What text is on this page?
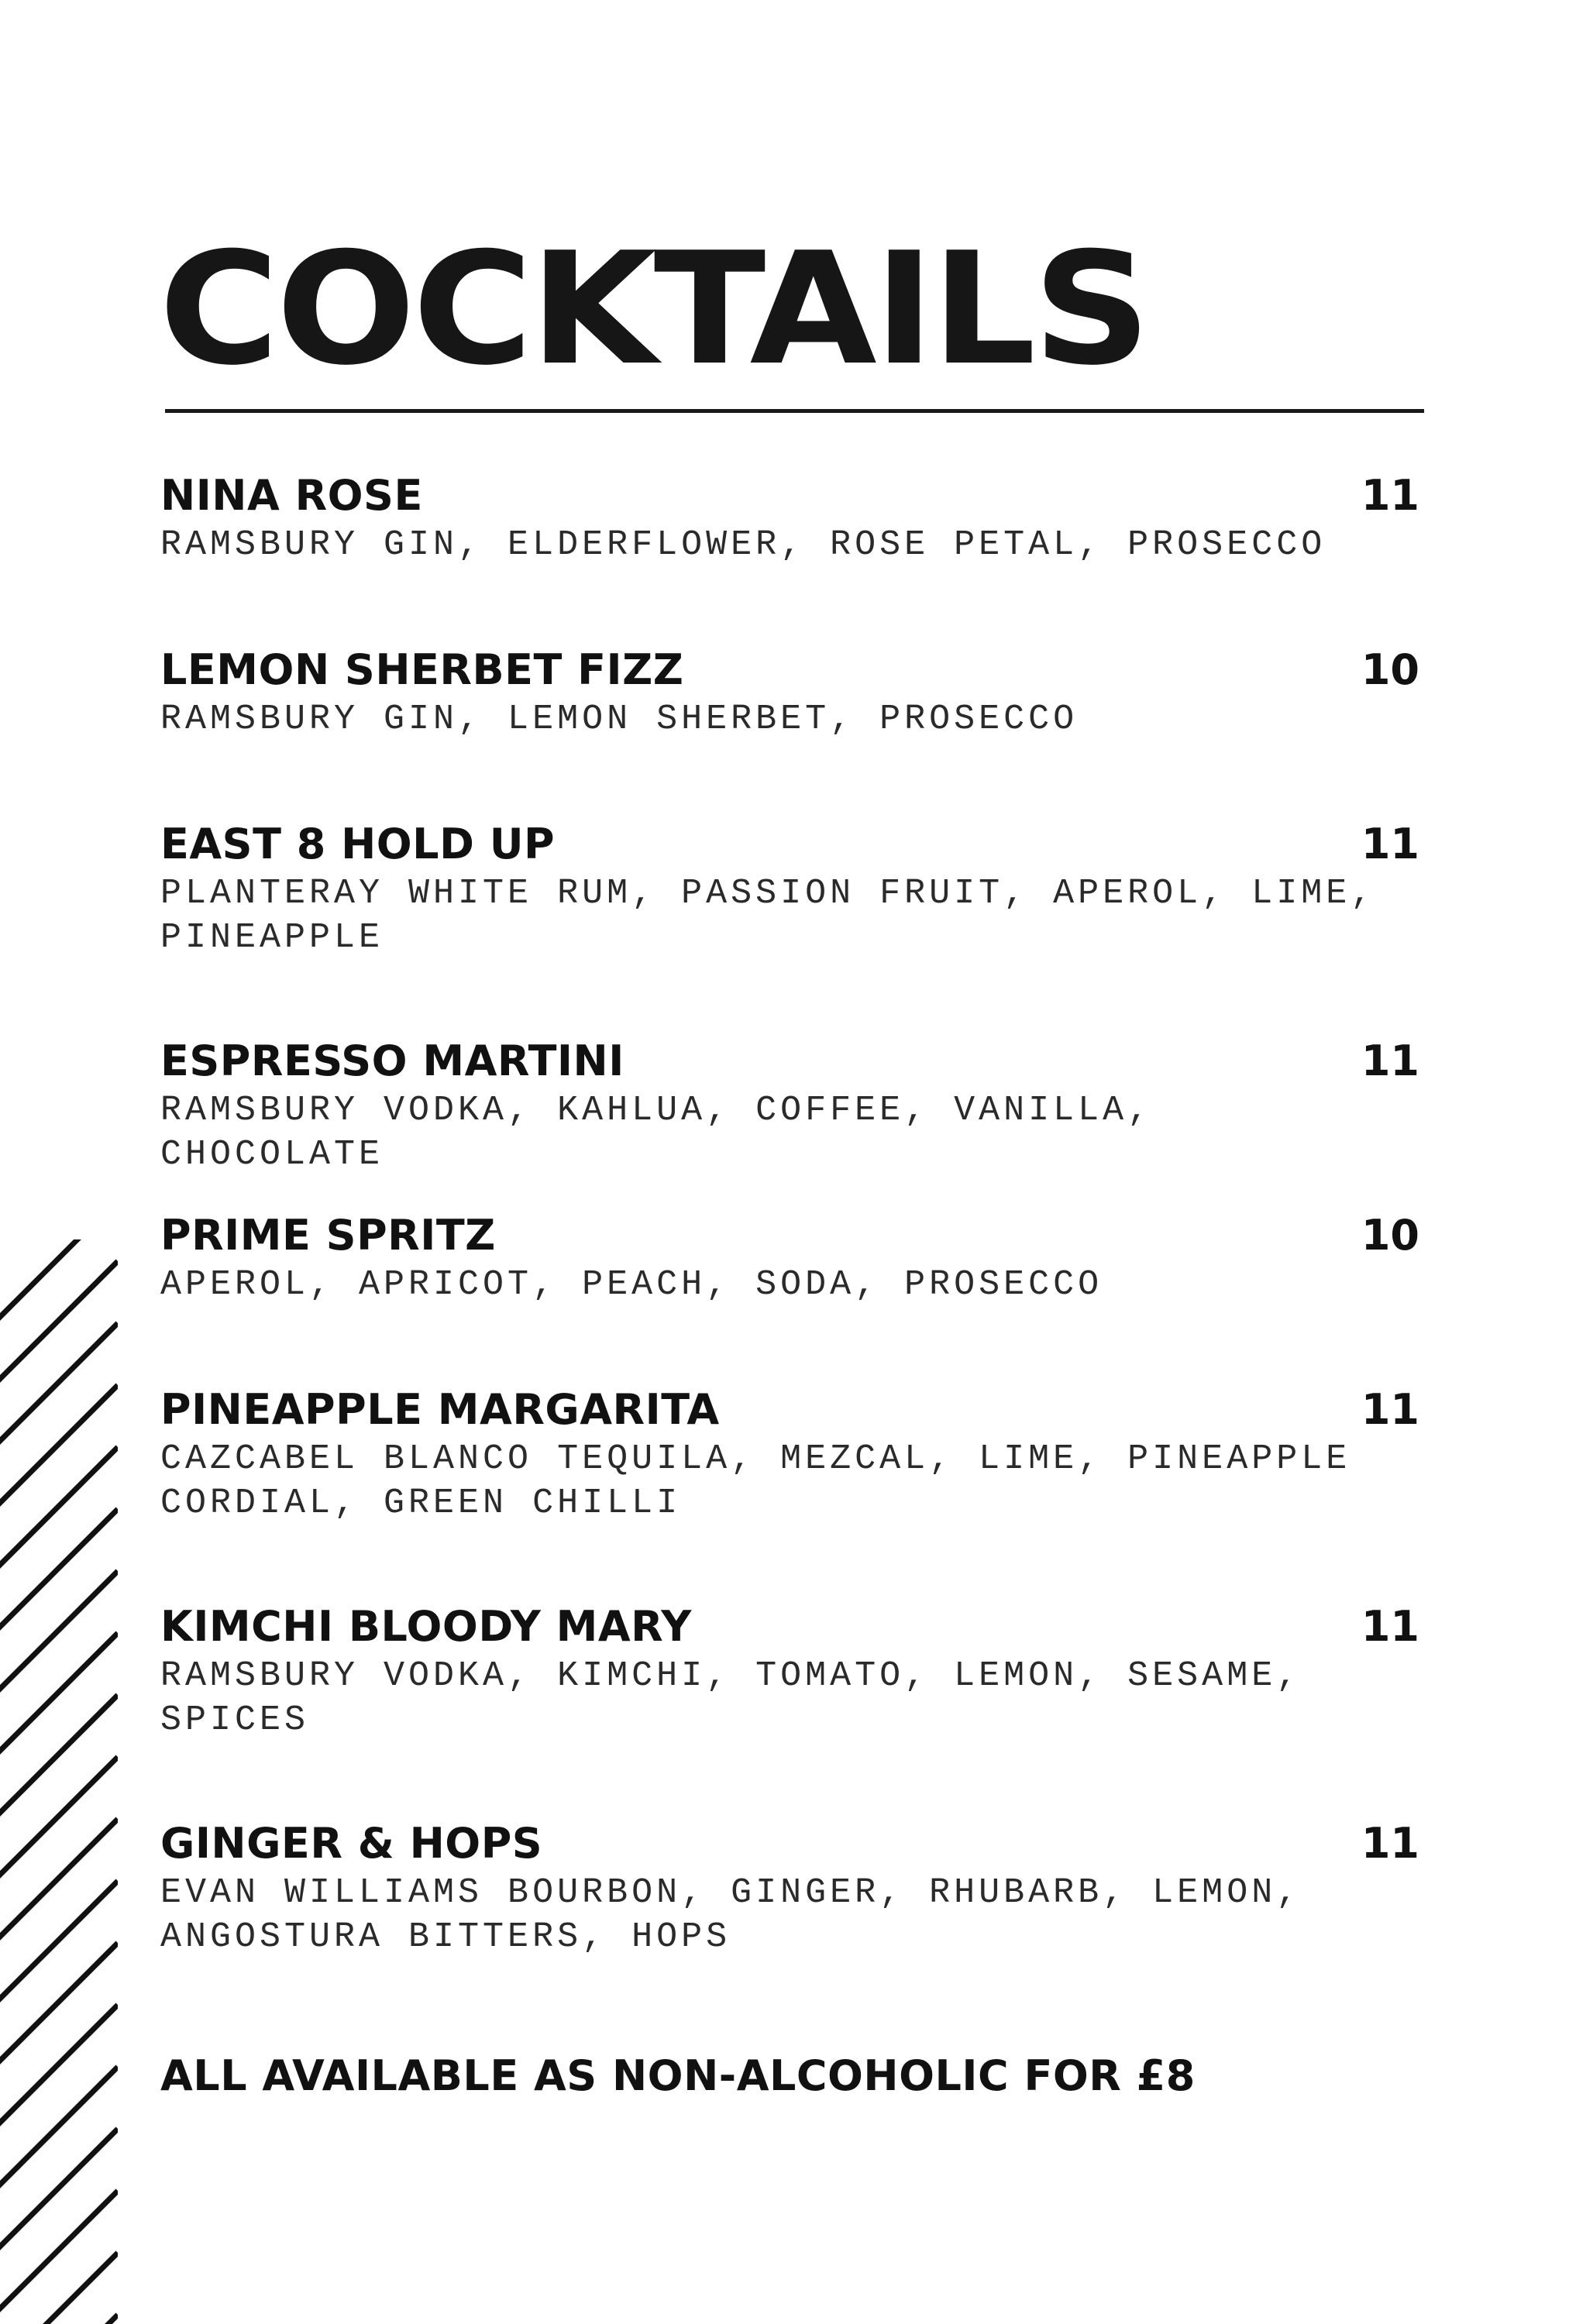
COCKTAILS
NINA ROSE	11

RAMSBURY GIN, ELDERFLOWER, ROSE PETAL, PROSECCO

LEMON SHERBET FIZZ	10

RAMSBURY GIN, LEMON SHERBET, PROSECCO

EAST 8 HOLD UP	11

PLANTERAY WHITE RUM, PASSION FRUIT, APEROL, LIME, PINEAPPLE

ESPRESSO MARTINI	11

RAMSBURY VODKA, KAHLUA, COFFEE, VANILLA, CHOCOLATE

PRIME SPRITZ	10

APEROL, APRICOT, PEACH, SODA, PROSECCO

PINEAPPLE MARGARITA	11

CAZCABEL BLANCO TEQUILA, MEZCAL, LIME, PINEAPPLE CORDIAL, GREEN CHILLI

KIMCHI BLOODY MARY	11

RAMSBURY VODKA, KIMCHI, TOMATO, LEMON, SESAME, SPICES

GINGER & HOPS	11

EVAN WILLIAMS BOURBON, GINGER, RHUBARB, LEMON, ANGOSTURA BITTERS, HOPS

ALL AVAILABLE AS NON-ALCOHOLIC FOR £8
